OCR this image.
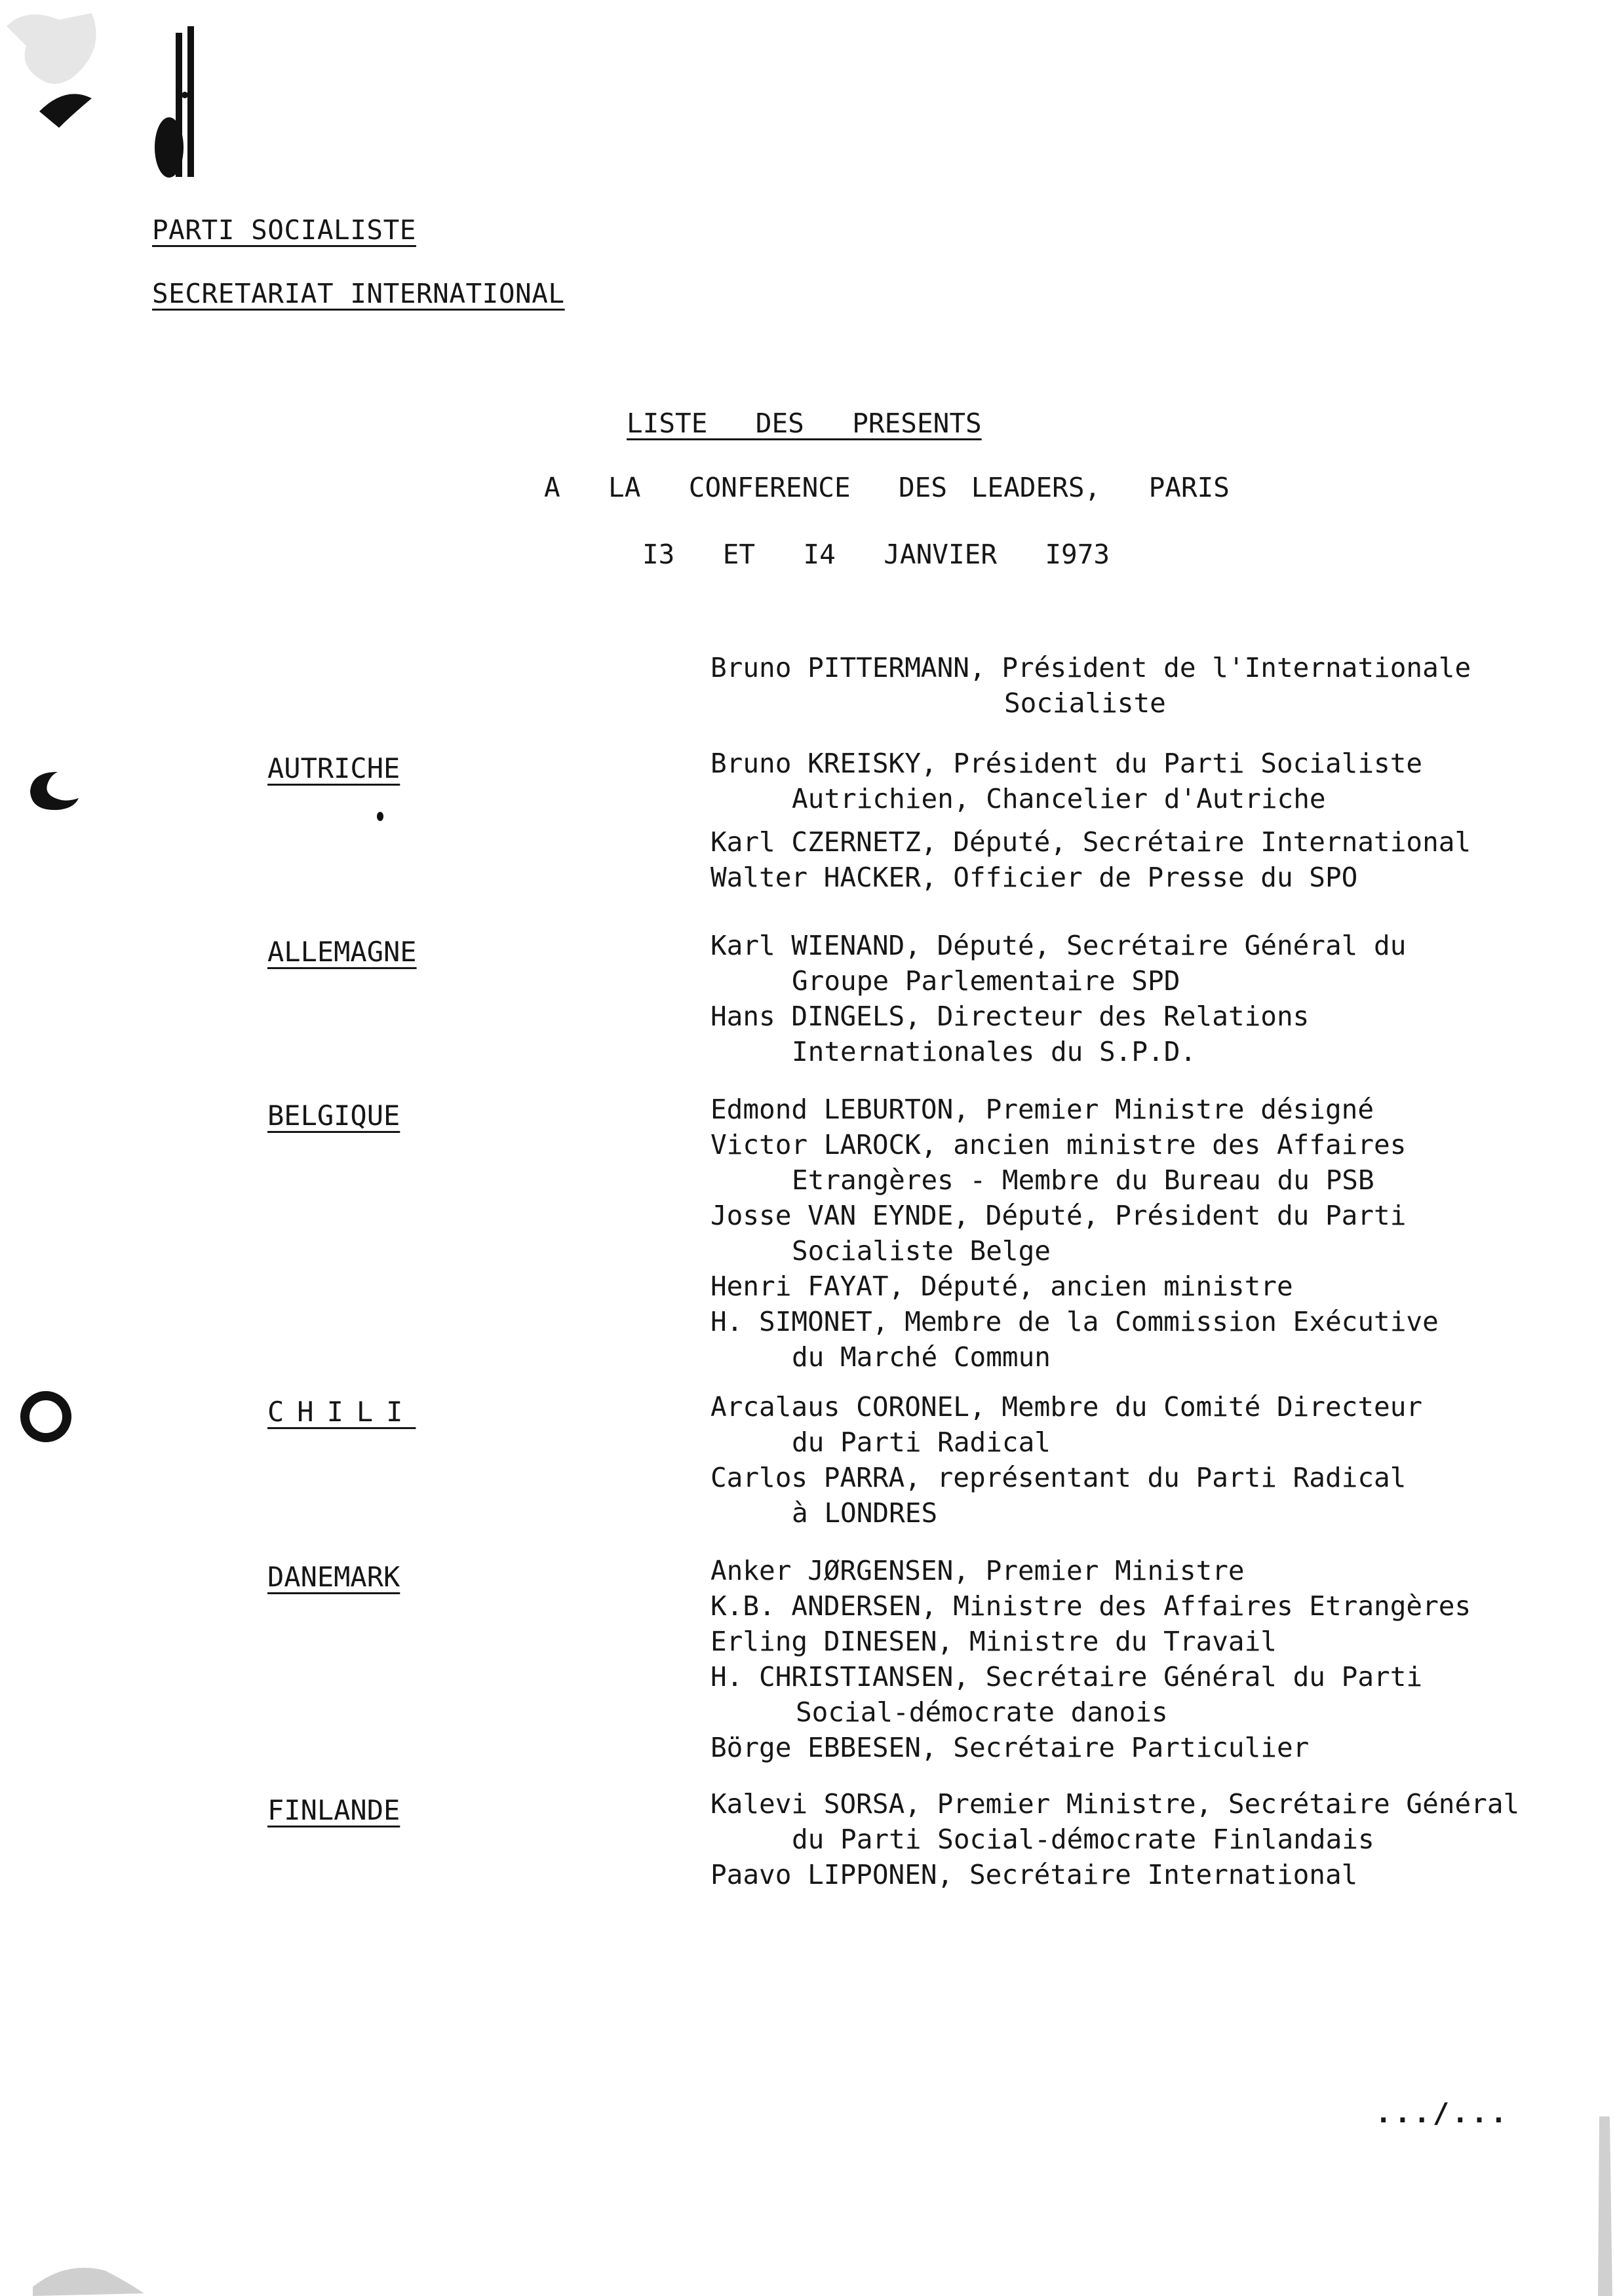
PARTI SOCIALISTE
SECRETARIAT INTERNATIONAL
LISTE  DES  PRESENTS
A  LA  CONFERENCE  DES LEADERS,  PARIS
I3  ET  I4  JANVIER  I973
Bruno PITTERMANN, Président de l'Internationale
Socialiste
AUTRICHE	Bruno KREISKY, Président du Parti Socialiste
Autrichien, Chancelier d'Autriche
Karl CZERNETZ, Député, Secrétaire International
Walter HACKER, Officier de Presse du SPO
ALLEMAGNE	Karl WIENAND, Député, Secrétaire Général du
Groupe Parlementaire SPD
Hans DINGELS, Directeur des Relations
Internationales du S.P.D.
BELGIQUE	Edmond LEBURTON, Premier Ministre désigné
Victor LAROCK, ancien ministre des Affaires
Etrangères - Membre du Bureau du PSB
Josse VAN EYNDE, Député, Président du Parti
Socialiste Belge
Henri FAYAT, Député, ancien ministre
H. SIMONET, Membre de la Commission Exécutive
du Marché Commun
CHILI	Arcalaus CORONEL, Membre du Comité Directeur
du Parti Radical
Carlos PARRA, représentant du Parti Radical
à LONDRES
DANEMARK	Anker JØRGENSEN, Premier Ministre
K.B. ANDERSEN, Ministre des Affaires Etrangères
Erling DINESEN, Ministre du Travail
H. CHRISTIANSEN, Secrétaire Général du Parti
Social-démocrate danois
Börge EBBESEN, Secrétaire Particulier
FINLANDE	Kalevi SORSA, Premier Ministre, Secrétaire Général
du Parti Social-démocrate Finlandais
Paavo LIPPONEN, Secrétaire International
.../...
